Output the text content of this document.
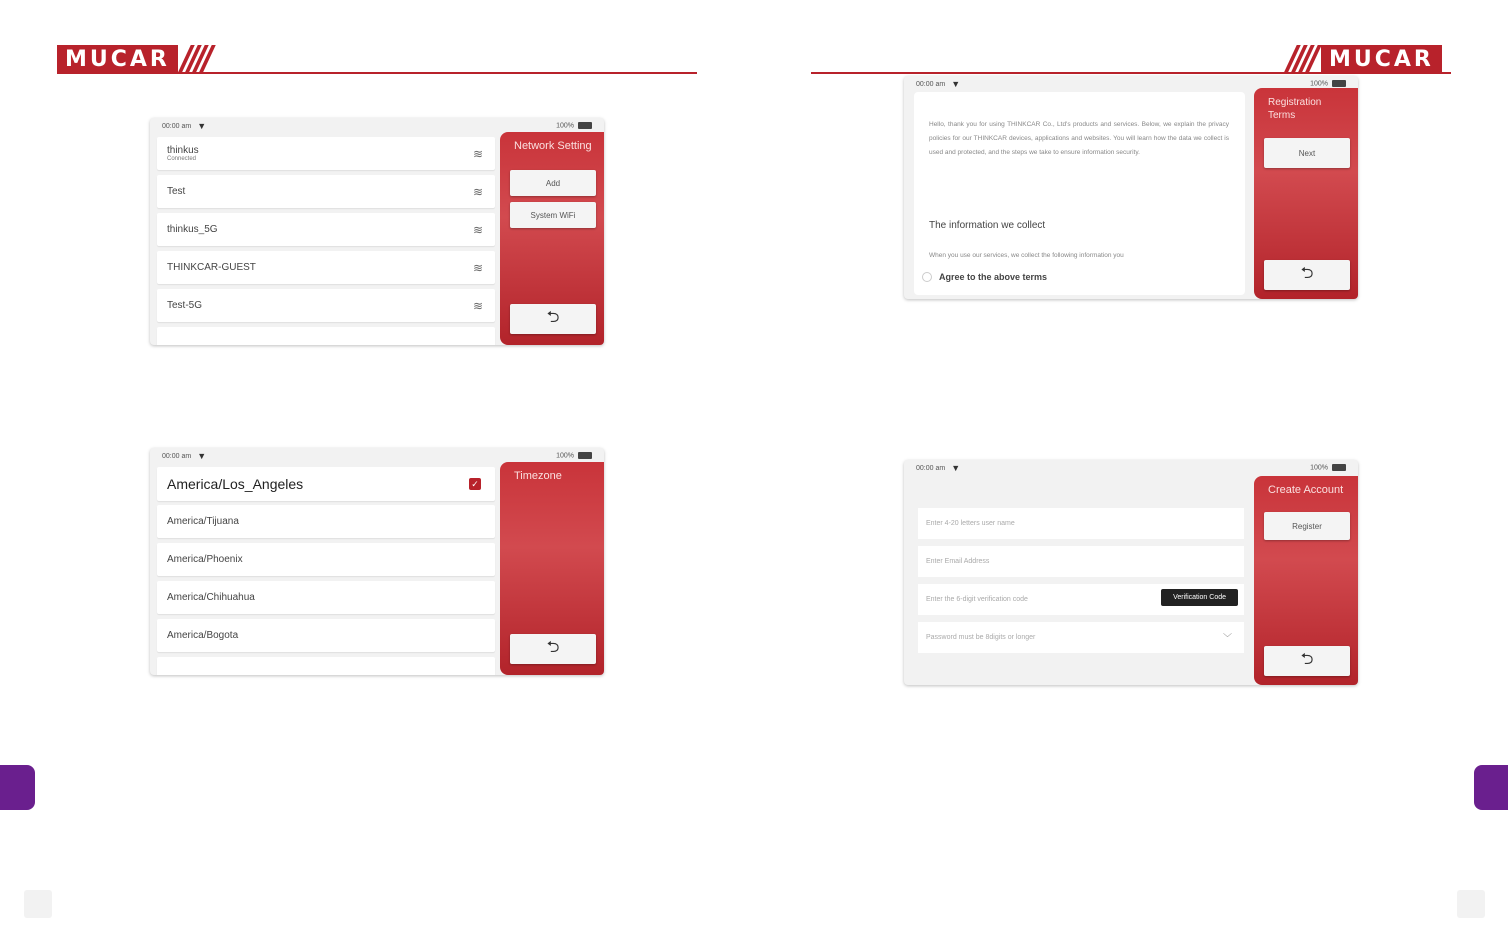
MUCAR	MUCAR
00:00 am ▼	100%
thinkus
Connected	≋
Test	≋
thinkus_5G	≋
THINKCAR-GUEST	≋
Test-5G	≋
Network Setting
Add
System WiFi
⮌
00:00 am ▼	100%
America/Los_Angeles	✓
America/Tijuana
America/Phoenix
America/Chihuahua
America/Bogota
Timezone
⮌
00:00 am ▼	100%
Hello, thank you for using THINKCAR Co., Ltd's products and services. Below, we explain the privacy policies for our THINKCAR devices, applications and websites. You will learn how the data we collect is used and protected, and the steps we take to ensure information security.
The information we collect
When you use our services, we collect the following information you
Agree to the above terms
Registration Terms
Next
⮌
00:00 am ▼	100%
Enter 4-20 letters user name
Enter Email Address
Enter the 6-digit verification code	Verification Code
Password must be 8digits or longer	﹀
Create Account
Register
⮌
